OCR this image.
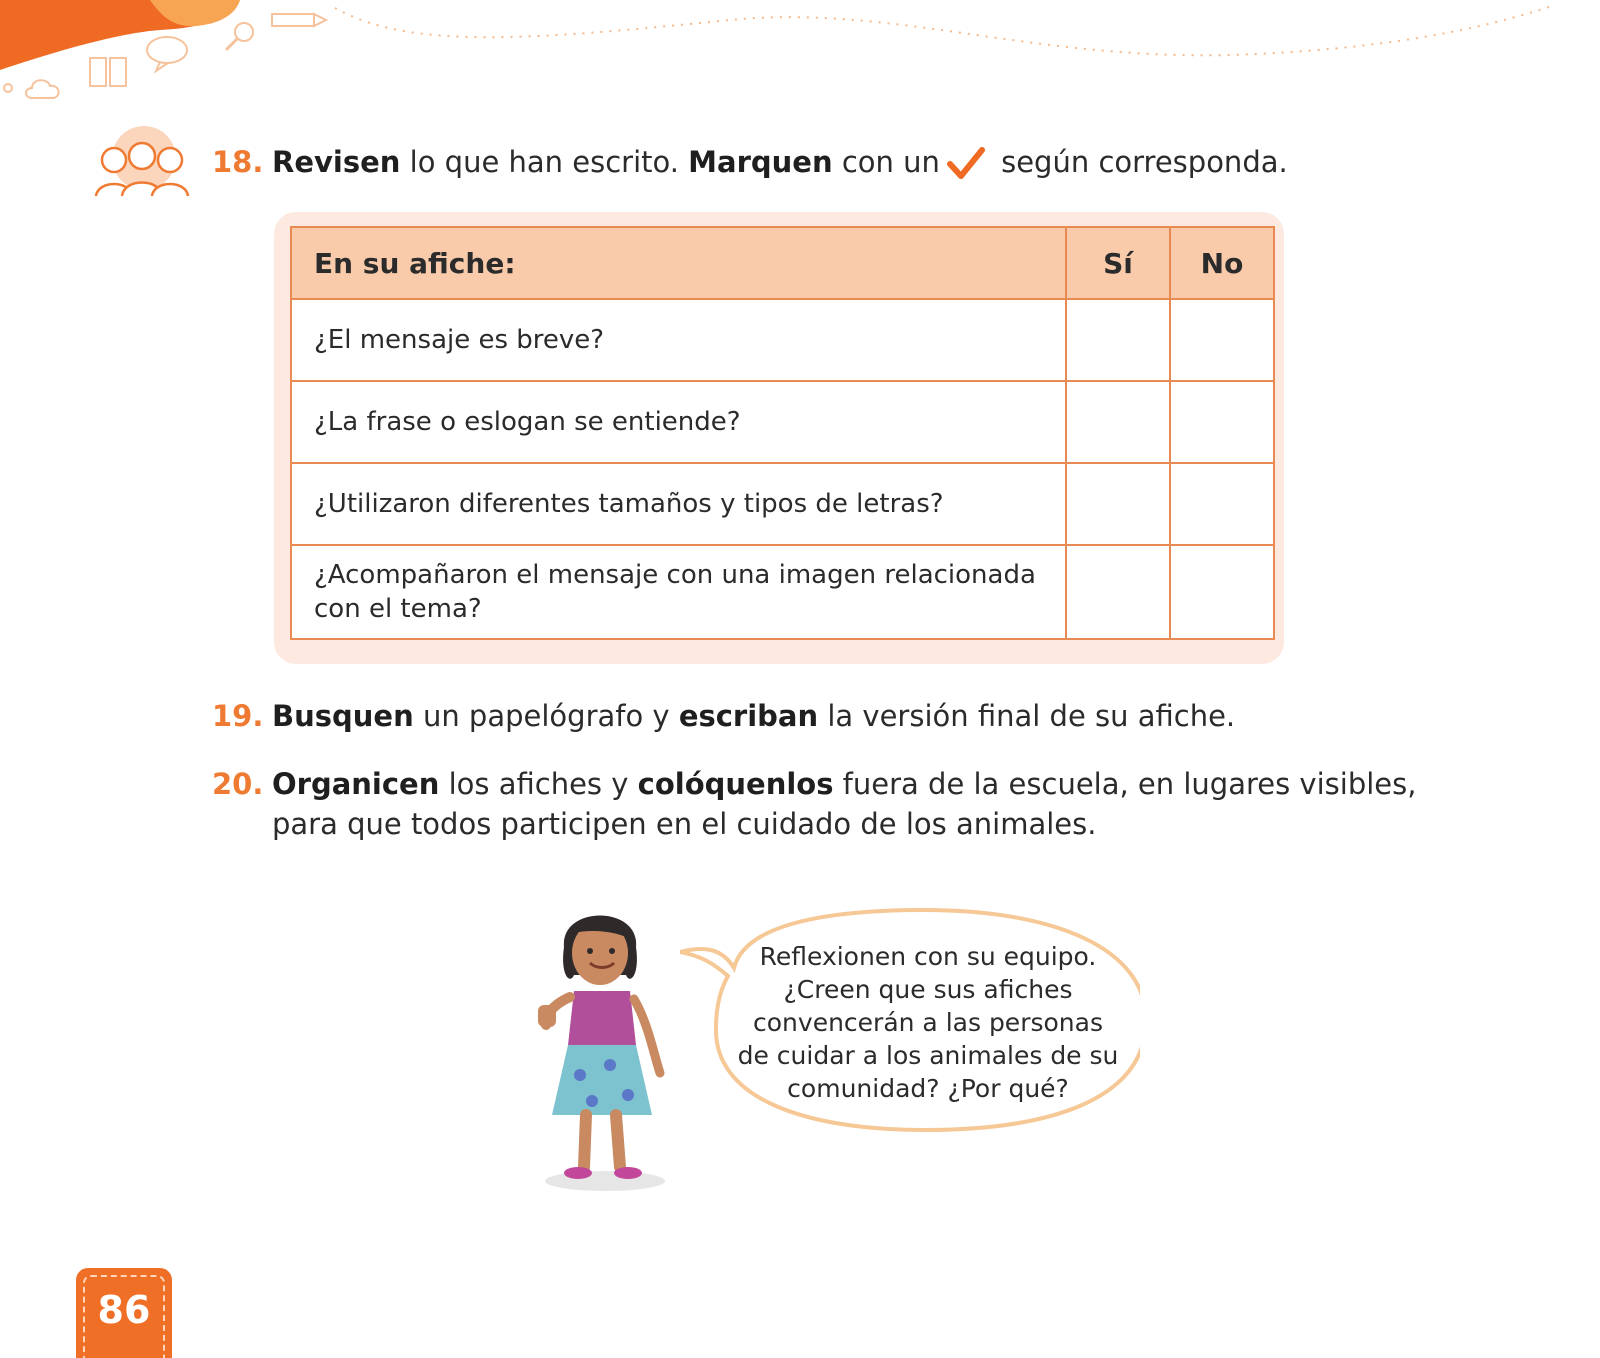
18. Revisen lo que han escrito. Marquen con un según corresponda.
En su afiche:	Sí	No
¿El mensaje es breve?		
¿La frase o eslogan se entiende?		
¿Utilizaron diferentes tamaños y tipos de letras?		
¿Acompañaron el mensaje con una imagen relacionada con el tema?		
19. Busquen un papelógrafo y escriban la versión final de su afiche.
20. Organicen los afiches y colóquenlos fuera de la escuela, en lugares visibles,
para que todos participen en el cuidado de los animales.
Reflexionen con su equipo.
¿Creen que sus afiches
convencerán a las personas
de cuidar a los animales de su
comunidad? ¿Por qué?
86
